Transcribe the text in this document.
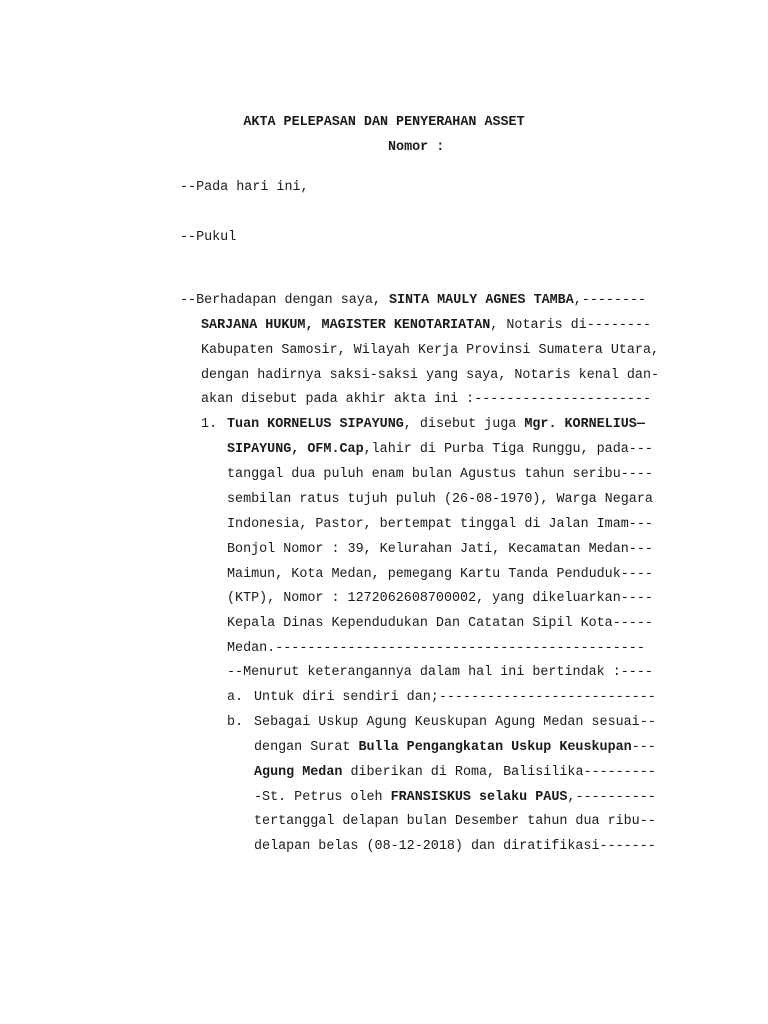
AKTA PELEPASAN DAN PENYERAHAN ASSET
Nomor :
--Pada hari ini,
--Pukul
--Berhadapan dengan saya, SINTA MAULY AGNES TAMBA,--------
SARJANA HUKUM, MAGISTER KENOTARIATAN, Notaris di--------
Kabupaten Samosir, Wilayah Kerja Provinsi Sumatera Utara,
dengan hadirnya saksi-saksi yang saya, Notaris kenal dan-
akan disebut pada akhir akta ini :----------------------
1. Tuan KORNELUS SIPAYUNG, disebut juga Mgr. KORNELIUS—
SIPAYUNG, OFM.Cap,lahir di Purba Tiga Runggu, pada---
tanggal dua puluh enam bulan Agustus tahun seribu----
sembilan ratus tujuh puluh (26-08-1970), Warga Negara
Indonesia, Pastor, bertempat tinggal di Jalan Imam---
Bonjol Nomor : 39, Kelurahan Jati, Kecamatan Medan---
Maimun, Kota Medan, pemegang Kartu Tanda Penduduk----
(KTP), Nomor : 1272062608700002, yang dikeluarkan----
Kepala Dinas Kependudukan Dan Catatan Sipil Kota-----
Medan.----------------------------------------------
--Menurut keterangannya dalam hal ini bertindak :----
a. Untuk diri sendiri dan;---------------------------
b. Sebagai Uskup Agung Keuskupan Agung Medan sesuai--
dengan Surat Bulla Pengangkatan Uskup Keuskupan---
Agung Medan diberikan di Roma, Balisilika---------
-St. Petrus oleh FRANSISKUS selaku PAUS,----------
tertanggal delapan bulan Desember tahun dua ribu--
delapan belas (08-12-2018) dan diratifikasi-------
